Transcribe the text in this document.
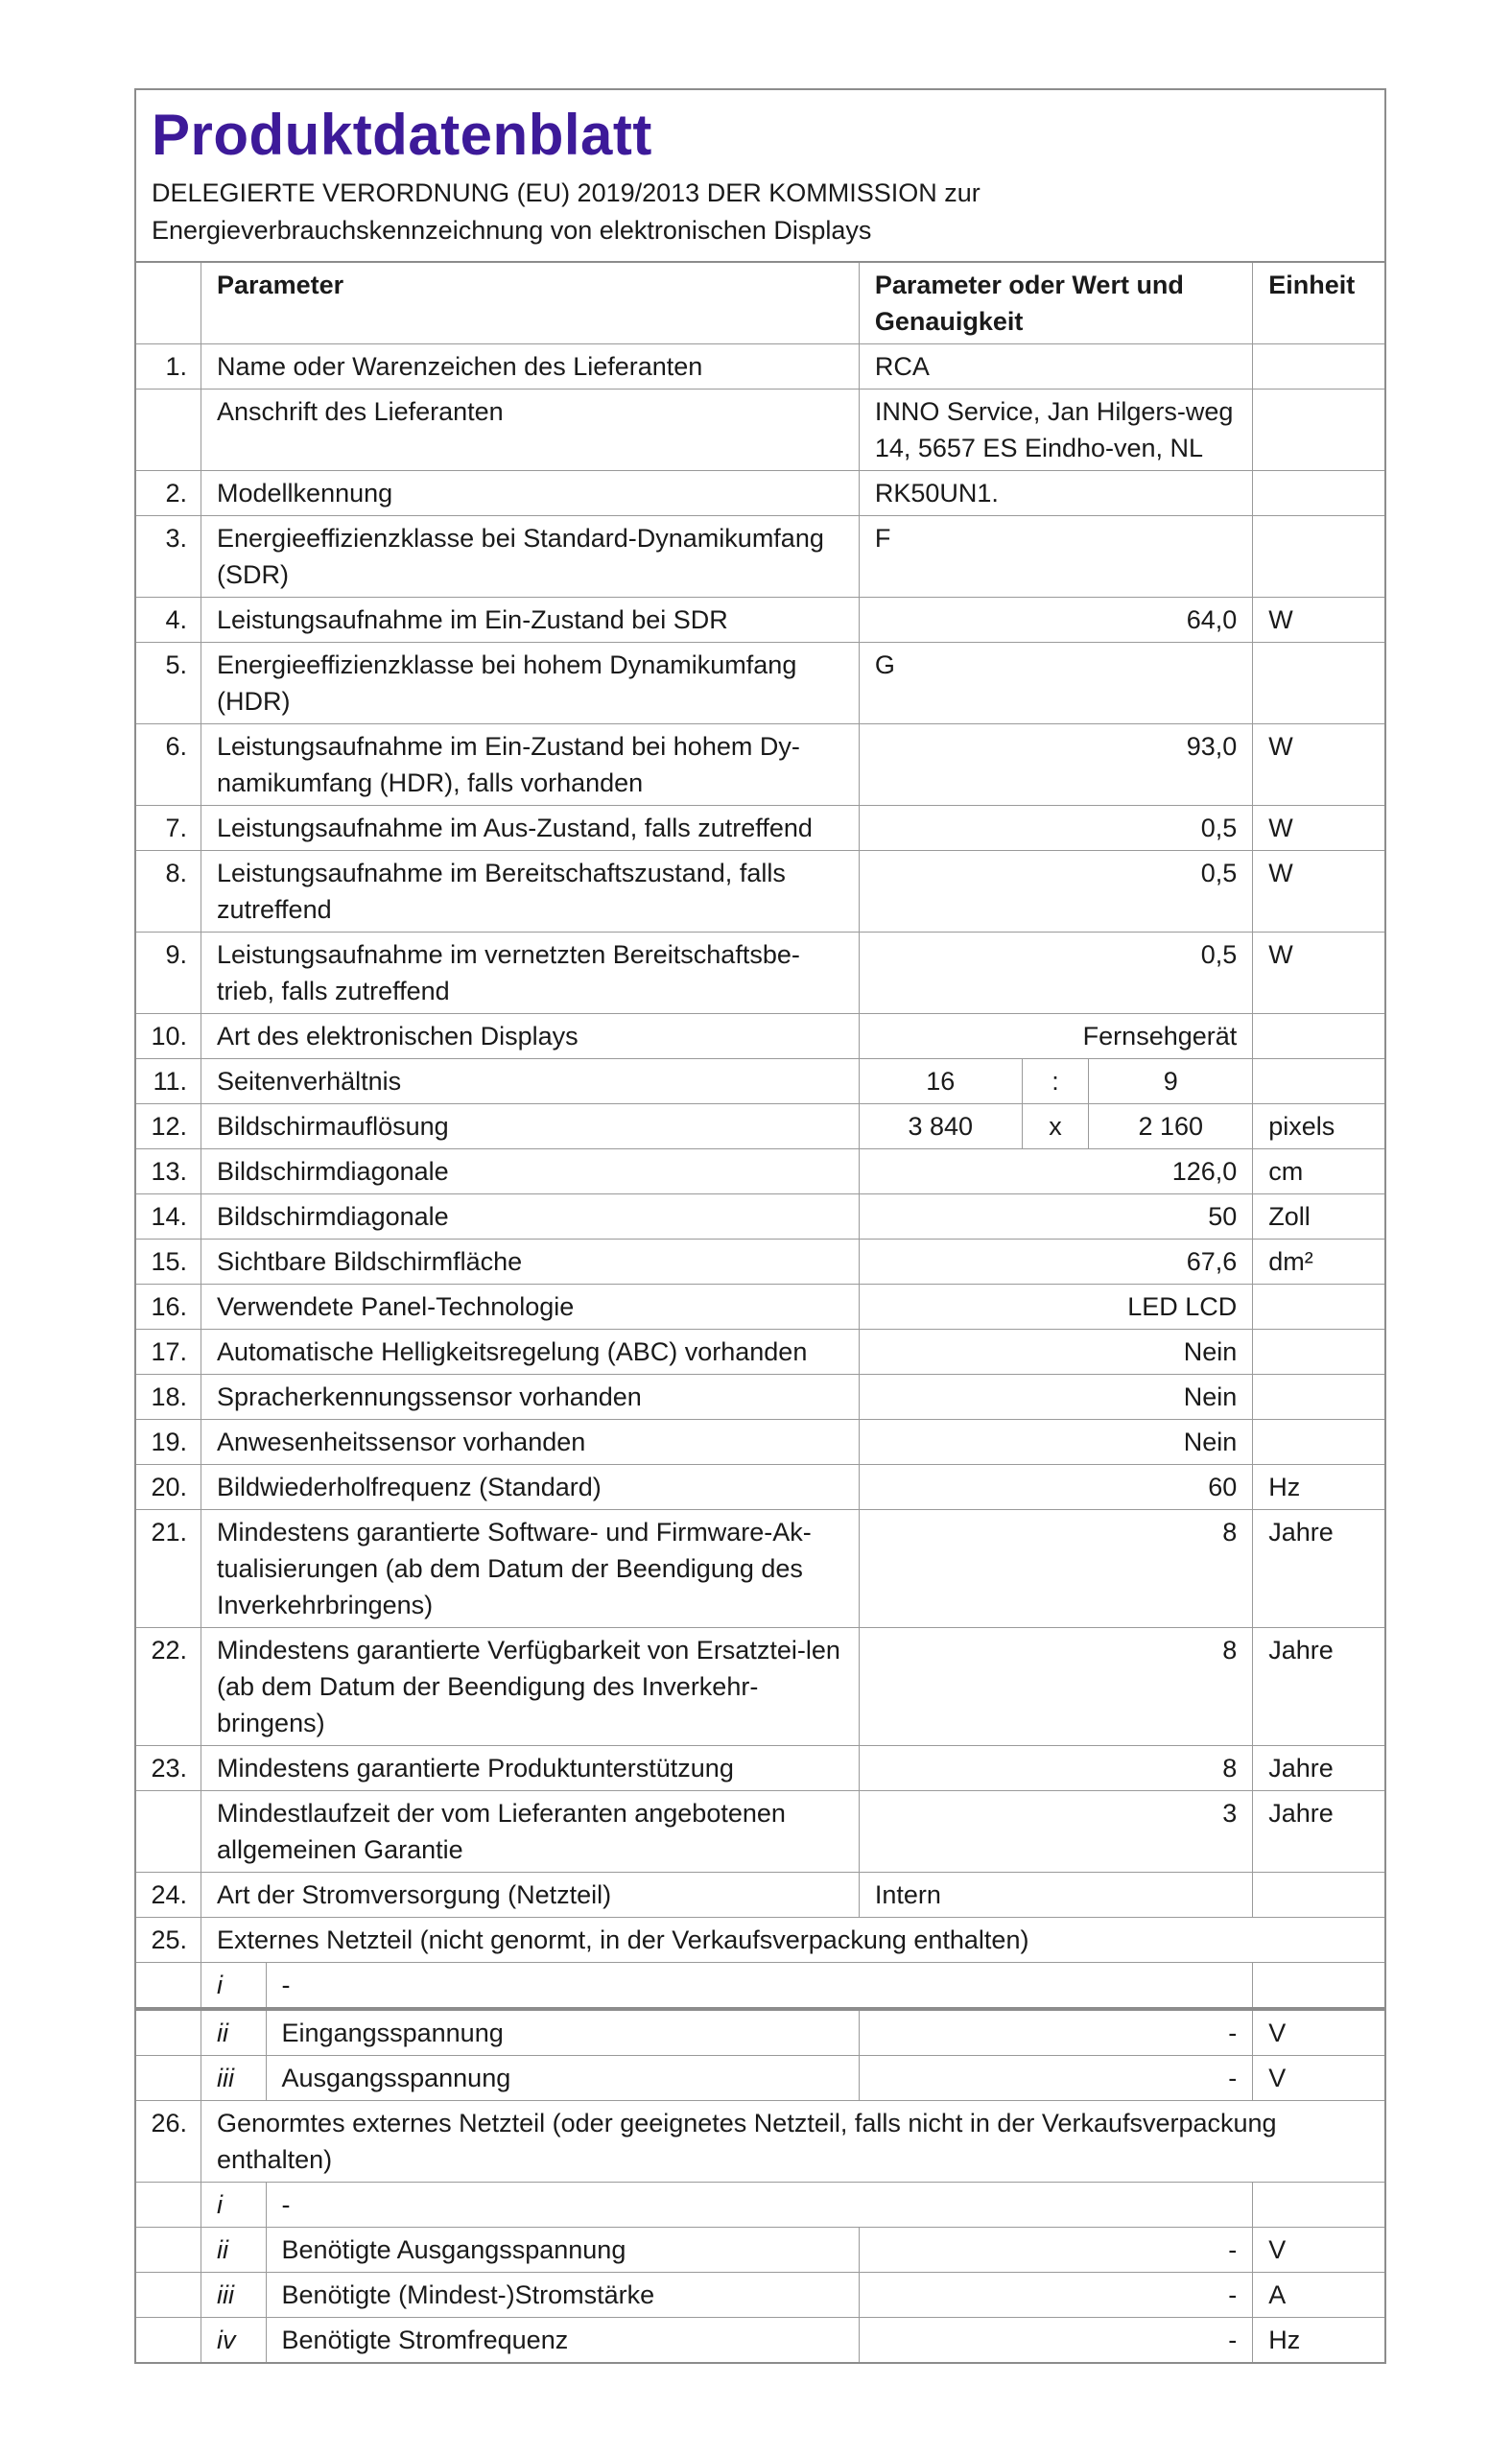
Produktdatenblatt
DELEGIERTE VERORDNUNG (EU) 2019/2013 DER KOMMISSION zur
Energieverbrauchskennzeichnung von elektronischen Displays
	Parameter		Parameter oder Wert und Genauigkeit			Einheit
1.	Name oder Warenzeichen des Lieferanten		RCA			
	Anschrift des Lieferanten		INNO Service, Jan Hilgers-weg 14, 5657 ES Eindho-ven, NL			
2.	Modellkennung		RK50UN1.			
3.	Energieeffizienzklasse bei Standard-Dynamikumfang (SDR)		F			
4.	Leistungsaufnahme im Ein-Zustand bei SDR		64,0			W
5.	Energieeffizienzklasse bei hohem Dynamikumfang (HDR)		G			
6.	Leistungsaufnahme im Ein-Zustand bei hohem Dy-namikumfang (HDR), falls vorhanden		93,0			W
7.	Leistungsaufnahme im Aus-Zustand, falls zutreffend		0,5			W
8.	Leistungsaufnahme im Bereitschaftszustand, falls zutreffend		0,5			W
9.	Leistungsaufnahme im vernetzten Bereitschaftsbe-trieb, falls zutreffend		0,5			W
10.	Art des elektronischen Displays		Fernsehgerät			
11.	Seitenverhältnis		16	:	9	
12.	Bildschirmauflösung		3 840	x	2 160	pixels
13.	Bildschirmdiagonale		126,0			cm
14.	Bildschirmdiagonale		50			Zoll
15.	Sichtbare Bildschirmfläche		67,6			dm²
16.	Verwendete Panel-Technologie		LED LCD			
17.	Automatische Helligkeitsregelung (ABC) vorhanden		Nein			
18.	Spracherkennungssensor vorhanden		Nein			
19.	Anwesenheitssensor vorhanden		Nein			
20.	Bildwiederholfrequenz (Standard)		60			Hz
21.	Mindestens garantierte Software- und Firmware-Ak-tualisierungen (ab dem Datum der Beendigung des Inverkehrbringens)		8			Jahre
22.	Mindestens garantierte Verfügbarkeit von Ersatztei-len (ab dem Datum der Beendigung des Inverkehr-bringens)		8			Jahre
23.	Mindestens garantierte Produktunterstützung		8			Jahre
	Mindestlaufzeit der vom Lieferanten angebotenen allgemeinen Garantie		3			Jahre
24.	Art der Stromversorgung (Netzteil)		Intern			
25.	Externes Netzteil (nicht genormt, in der Verkaufsverpackung enthalten)					
	i	-				
	ii	Eingangsspannung	-			V
	iii	Ausgangsspannung	-			V
26.	Genormtes externes Netzteil (oder geeignetes Netzteil, falls nicht in der Verkaufsverpackung enthalten)					
	i	-				
	ii	Benötigte Ausgangsspannung	-			V
	iii	Benötigte (Mindest-)Stromstärke	-			A
	iv	Benötigte Stromfrequenz	-			Hz
